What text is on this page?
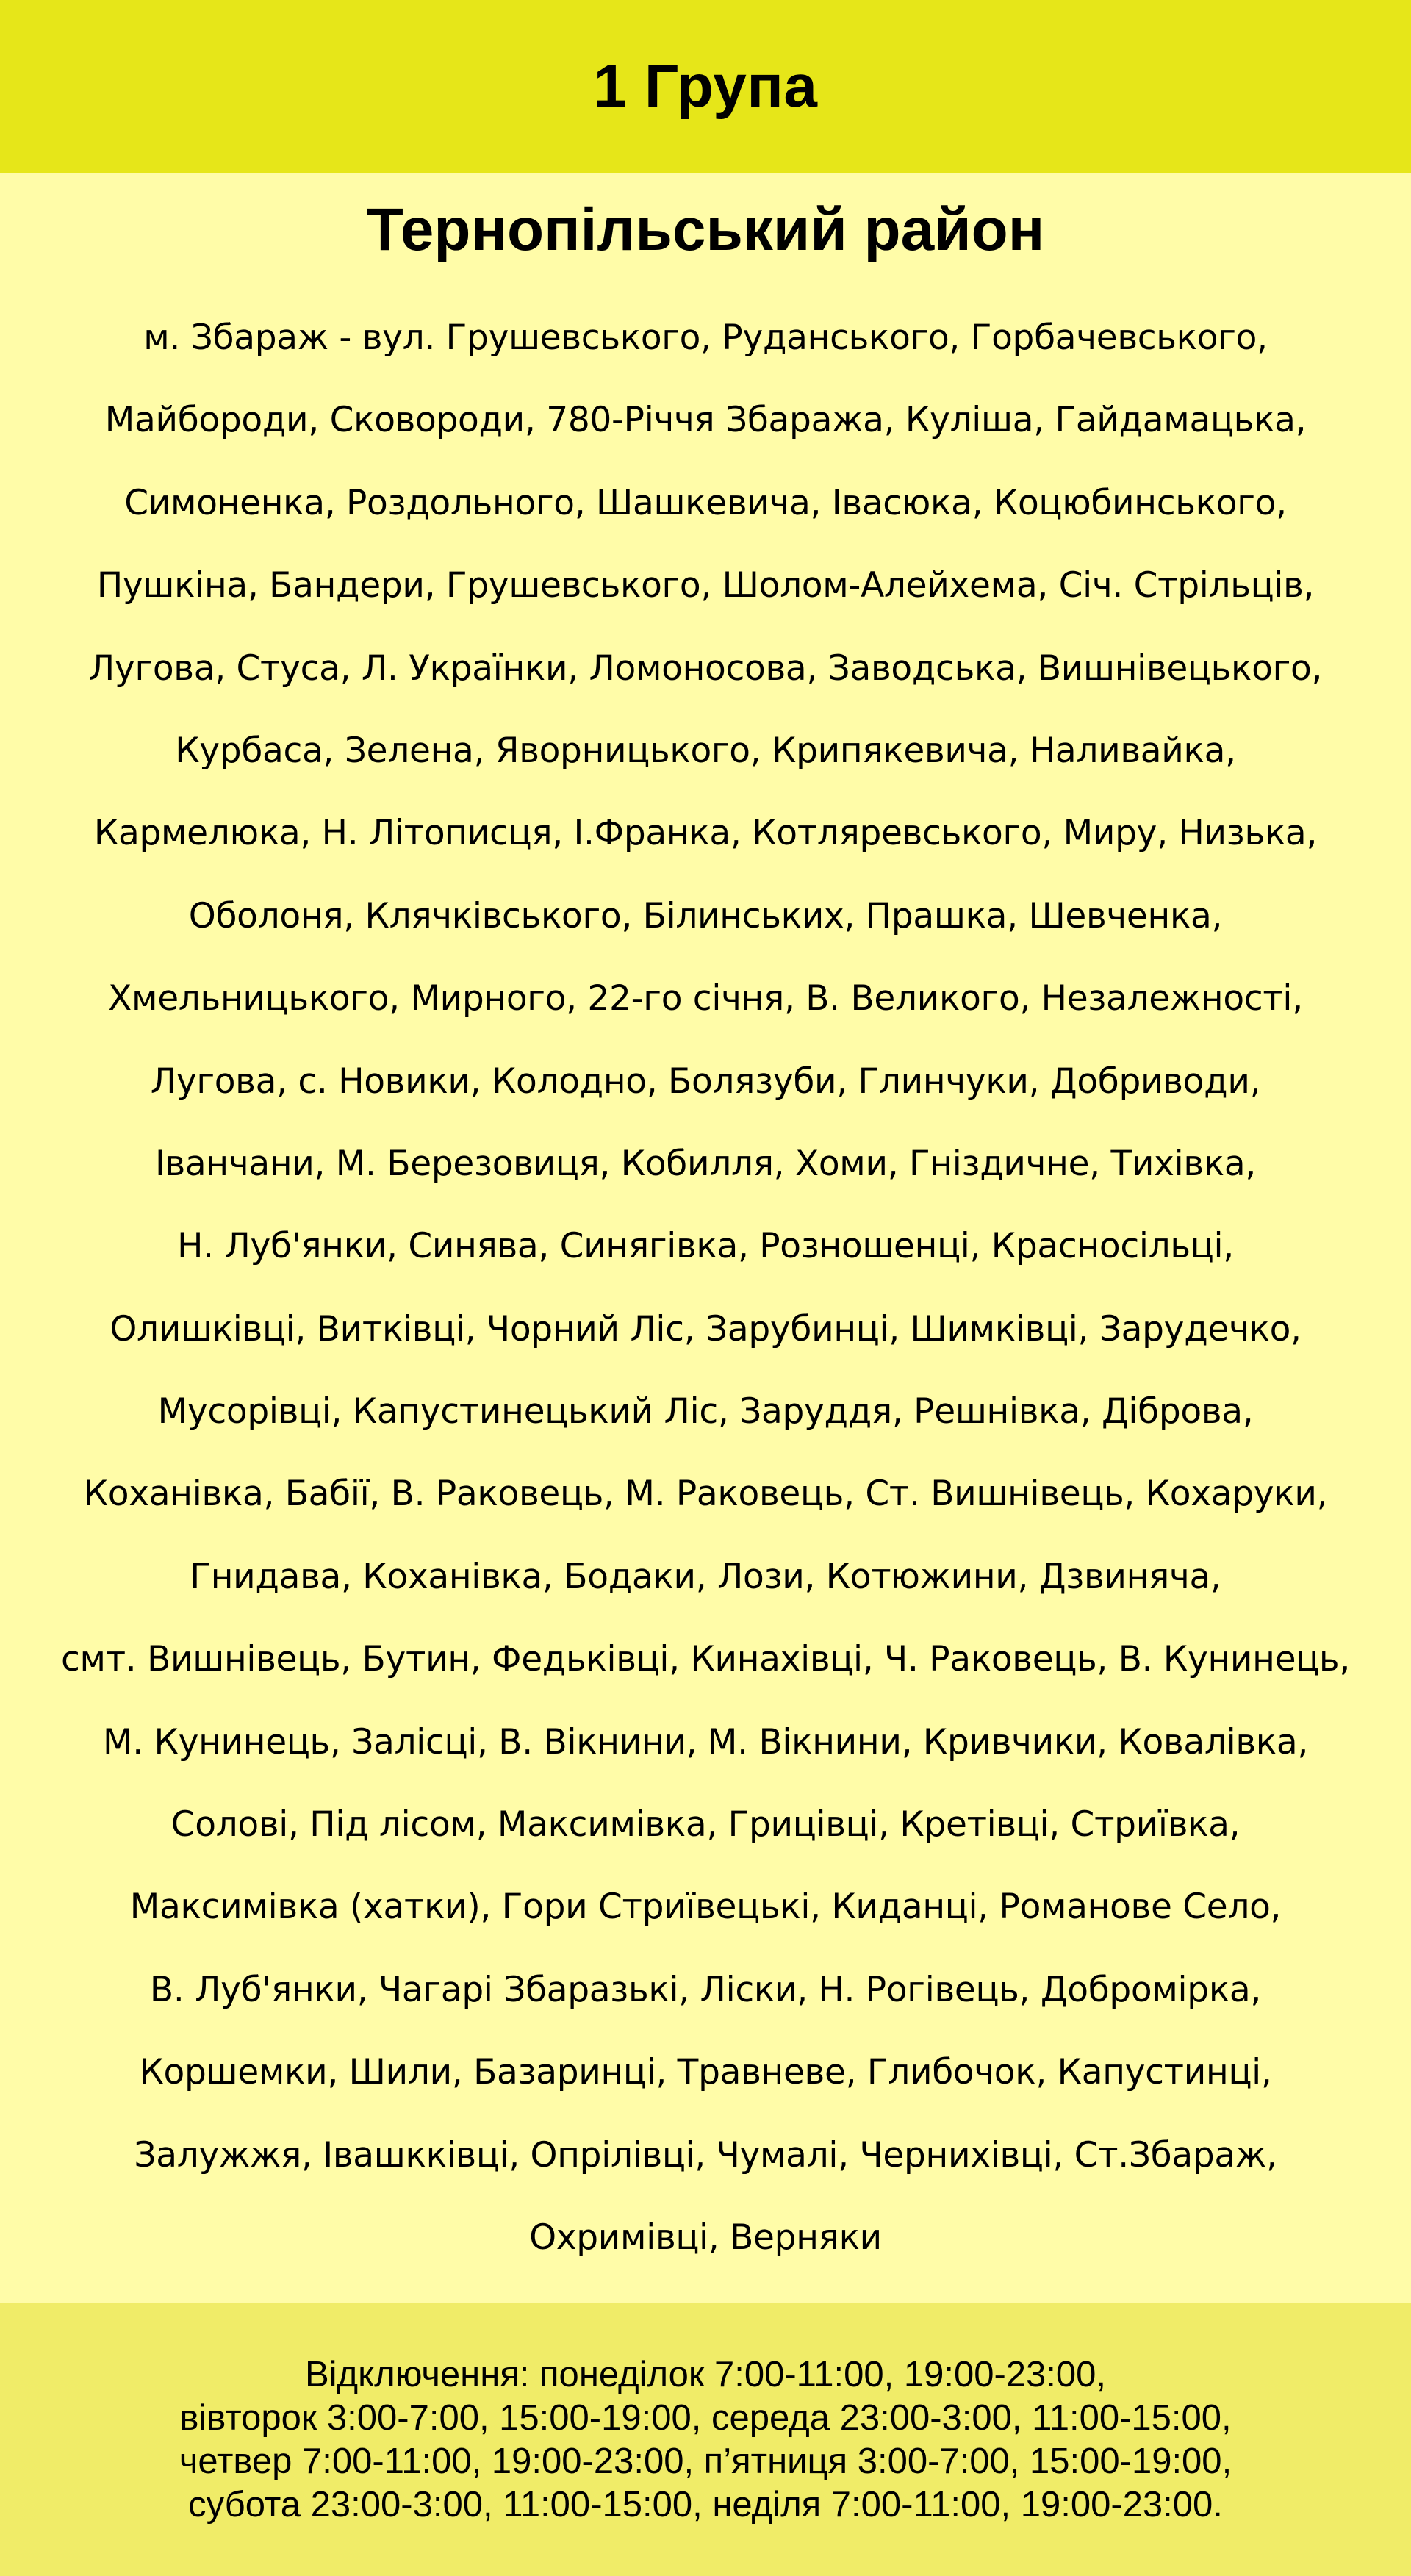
1 Група
Тернопільський район
м. Збараж - вул. Грушевського, Руданського, Горбачевського,
Майбороди, Сковороди, 780-Річчя Збаража, Куліша, Гайдамацька,
Симоненка, Роздольного, Шашкевича, Івасюка, Коцюбинського,
Пушкіна, Бандери, Грушевського, Шолом-Алейхема, Січ. Стрільців,
Лугова, Стуса, Л. Українки, Ломоносова, Заводська, Вишнівецького,
Курбаса, Зелена, Яворницького, Крипякевича, Наливайка,
Кармелюка, Н. Літописця, І.Франка, Котляревського, Миру, Низька,
Оболоня, Клячківського, Білинських, Прашка, Шевченка,
Хмельницького, Мирного, 22-го січня, В. Великого, Незалежності,
Лугова, с. Новики, Колодно, Болязуби, Глинчуки, Добриводи,
Іванчани, М. Березовиця, Кобилля, Хоми, Гніздичне, Тихівка,
Н. Луб'янки, Синява, Синягівка, Розношенці, Красносільці,
Олишківці, Витківці, Чорний Ліс, Зарубинці, Шимківці, Зарудечко,
Мусорівці, Капустинецький Ліс, Заруддя, Решнівка, Діброва,
Коханівка, Бабії, В. Раковець, М. Раковець, Ст. Вишнівець, Кохаруки,
Гнидава, Коханівка, Бодаки, Лози, Котюжини, Дзвиняча,
смт. Вишнівець, Бутин, Федьківці, Кинахівці, Ч. Раковець, В. Кунинець,
М. Кунинець, Залісці, В. Вікнини, М. Вікнини, Кривчики, Ковалівка,
Солові, Під лісом, Максимівка, Грицівці, Кретівці, Стриївка,
Максимівка (хатки), Гори Стриївецькі, Киданці, Романове Село,
В. Луб'янки, Чагарі Збаразькі, Ліски, Н. Рогівець, Добромірка,
Коршемки, Шили, Базаринці, Травневе, Глибочок, Капустинці,
Залужжя, Івашкківці, Опрілівці, Чумалі, Черниxівці, Ст.Збараж,
Охримівці, Верняки
Відключення: понеділок 7:00-11:00, 19:00-23:00,
вівторок 3:00-7:00, 15:00-19:00, середа 23:00-3:00, 11:00-15:00,
четвер 7:00-11:00, 19:00-23:00, п’ятниця 3:00-7:00, 15:00-19:00,
субота 23:00-3:00, 11:00-15:00, неділя 7:00-11:00, 19:00-23:00.
